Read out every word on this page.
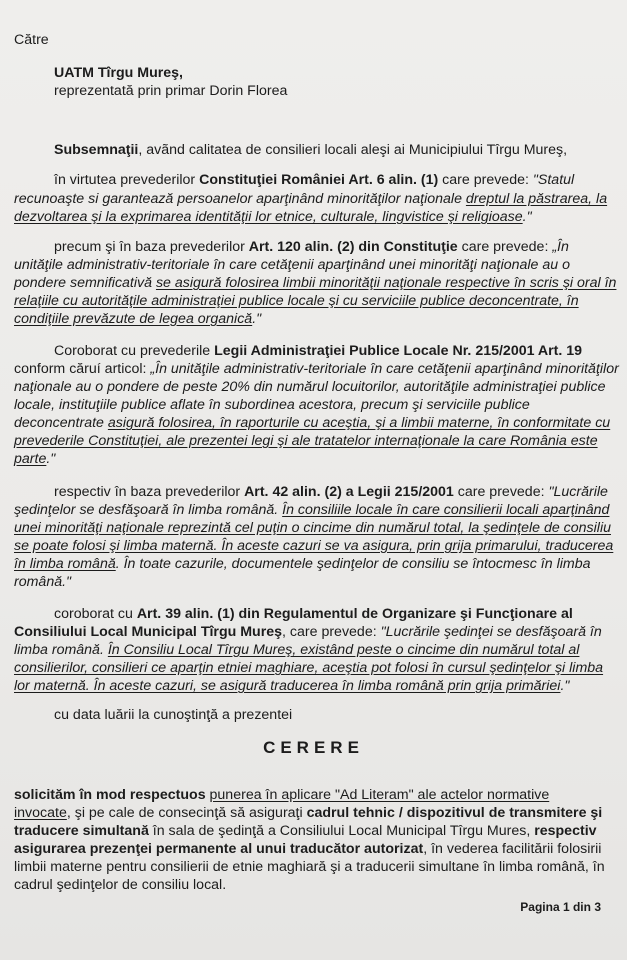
Către
UATM Tîrgu Mureş,
reprezentată prin primar Dorin Florea
Subsemnaţii, avãnd calitatea de consilieri locali aleşi ai Municipiului Tîrgu Mureş,
în virtutea prevederilor Constituţiei României Art. 6 alin. (1) care prevede: "Statul
recunoaşte si garantează persoanelor aparţinând minorităţilor naţionale dreptul la păstrarea, la
dezvoltarea şi la exprimarea identităţii lor etnice, culturale, lingvistice şi religioase."
precum şi în baza prevederilor Art. 120 alin. (2) din Constituţie care prevede: „În
unităţile administrativ-teritoriale în care cetăţenii aparţinând unei minorităţi naţionale au o
pondere semnificativă se asigură folosirea limbii minorităţii naţionale respective în scris şi oral în
relaţiile cu autorităţile administraţiei publice locale şi cu serviciile publice deconcentrate, în
condiţiile prevăzute de legea organică."
Coroborat cu prevederile Legii Administraţiei Publice Locale Nr. 215/2001 Art. 19
conform căruí articol: „În unităţile administrativ-teritoriale în care cetăţenii aparţinând minorităţilor
naţionale au o pondere de peste 20% din numărul locuitorilor, autorităţile administraţiei publice
locale, instituţiile publice aflate în subordinea acestora, precum şi serviciile publice
deconcentrate asigură folosirea, în raporturile cu aceştia, şi a limbii materne, în conformitate cu
prevederile Constituţiei, ale prezentei legi şi ale tratatelor internaţionale la care România este
parte."
respectiv în baza prevederilor Art. 42 alin. (2) a Legii 215/2001 care prevede: "Lucrările
şedinţelor se desfăşoară în limba română. În consiliile locale în care consilierii locali aparţinând
unei minorităţi naţionale reprezintă cel puţin o cincime din numărul total, la şedinţele de consiliu
se poate folosi şi limba maternă. În aceste cazuri se va asigura, prin grija primarului, traducerea
în limba română. În toate cazurile, documentele şedinţelor de consiliu se întocmesc în limba
română."
coroborat cu Art. 39 alin. (1) din Regulamentul de Organizare şi Funcţionare al
Consiliului Local Municipal Tîrgu Mureş, care prevede: "Lucrările şedinţei se desfăşoară în
limba română. În Consiliu Local Tîrgu Mureş, existând peste o cincime din numărul total al
consilierilor, consilieri ce aparţin etniei maghiare, aceştia pot folosi în cursul şedinţelor şi limba
lor maternă. În aceste cazuri, se asigură traducerea în limba română prin grija primăriei."
cu data luării la cunoştinţă a prezentei
CERERE
solicităm în mod respectuos punerea în aplicare "Ad Literam" ale actelor normative
invocate, şi pe cale de consecinţă să asiguraţi cadrul tehnic / dispozitivul de transmitere şi
traducere simultană în sala de şedinţă a Consiliului Local Municipal Tîrgu Mures, respectiv
asigurarea prezenţei permanente al unui traducător autorizat, în vederea facilitării folosirii
limbii materne pentru consilierii de etnie maghiară şi a traducerii simultane în limba română, în
cadrul şedinţelor de consiliu local.
Pagina 1 din 3
